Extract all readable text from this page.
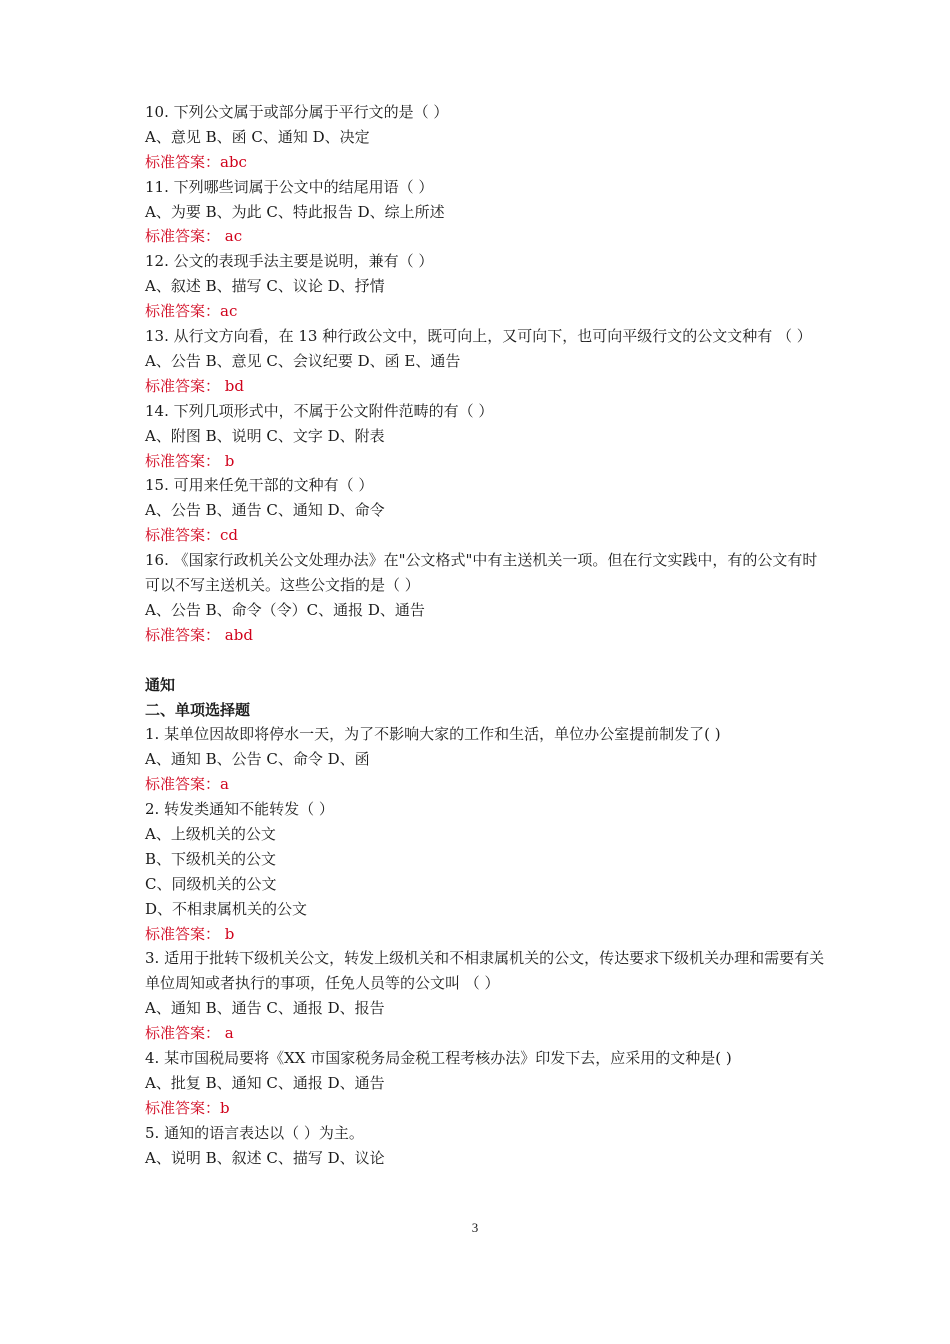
10. 下列公文属于或部分属于平行文的是（ ）
A、意见 B、函 C、通知 D、决定
标准答案：abc
11. 下列哪些词属于公文中的结尾用语（ ）
A、为要 B、为此 C、特此报告 D、综上所述
标准答案： ac
12. 公文的表现手法主要是说明，兼有（ ）
A、叙述 B、描写 C、议论 D、抒情
标准答案：ac
13. 从行文方向看，在 13 种行政公文中，既可向上，又可向下，也可向平级行文的公文文种有 （ ）
A、公告 B、意见 C、会议纪要 D、函 E、通告
标准答案： bd
14. 下列几项形式中，不属于公文附件范畴的有（ ）
A、附图 B、说明 C、文字 D、附表
标准答案： b
15. 可用来任免干部的文种有（ ）
A、公告 B、通告 C、通知 D、命令
标准答案：cd
16. 《国家行政机关公文处理办法》在"公文格式"中有主送机关一项。但在行文实践中，有的公文有时可以不写主送机关。这些公文指的是（ ）
A、公告 B、命令（令）C、通报 D、通告
标准答案： abd
通知
二、单项选择题
1. 某单位因故即将停水一天，为了不影响大家的工作和生活，单位办公室提前制发了( )
A、通知 B、公告 C、命令 D、函
标准答案：a
2. 转发类通知不能转发（ ）
A、上级机关的公文
B、下级机关的公文
C、同级机关的公文
D、不相隶属机关的公文
标准答案： b
3. 适用于批转下级机关公文，转发上级机关和不相隶属机关的公文，传达要求下级机关办理和需要有关单位周知或者执行的事项，任免人员等的公文叫 （ ）
A、通知 B、通告 C、通报 D、报告
标准答案： a
4. 某市国税局要将《XX 市国家税务局金税工程考核办法》印发下去，应采用的文种是( )
A、批复 B、通知 C、通报 D、通告
标准答案：b
5. 通知的语言表达以（ ）为主。
A、说明 B、叙述 C、描写 D、议论
3
